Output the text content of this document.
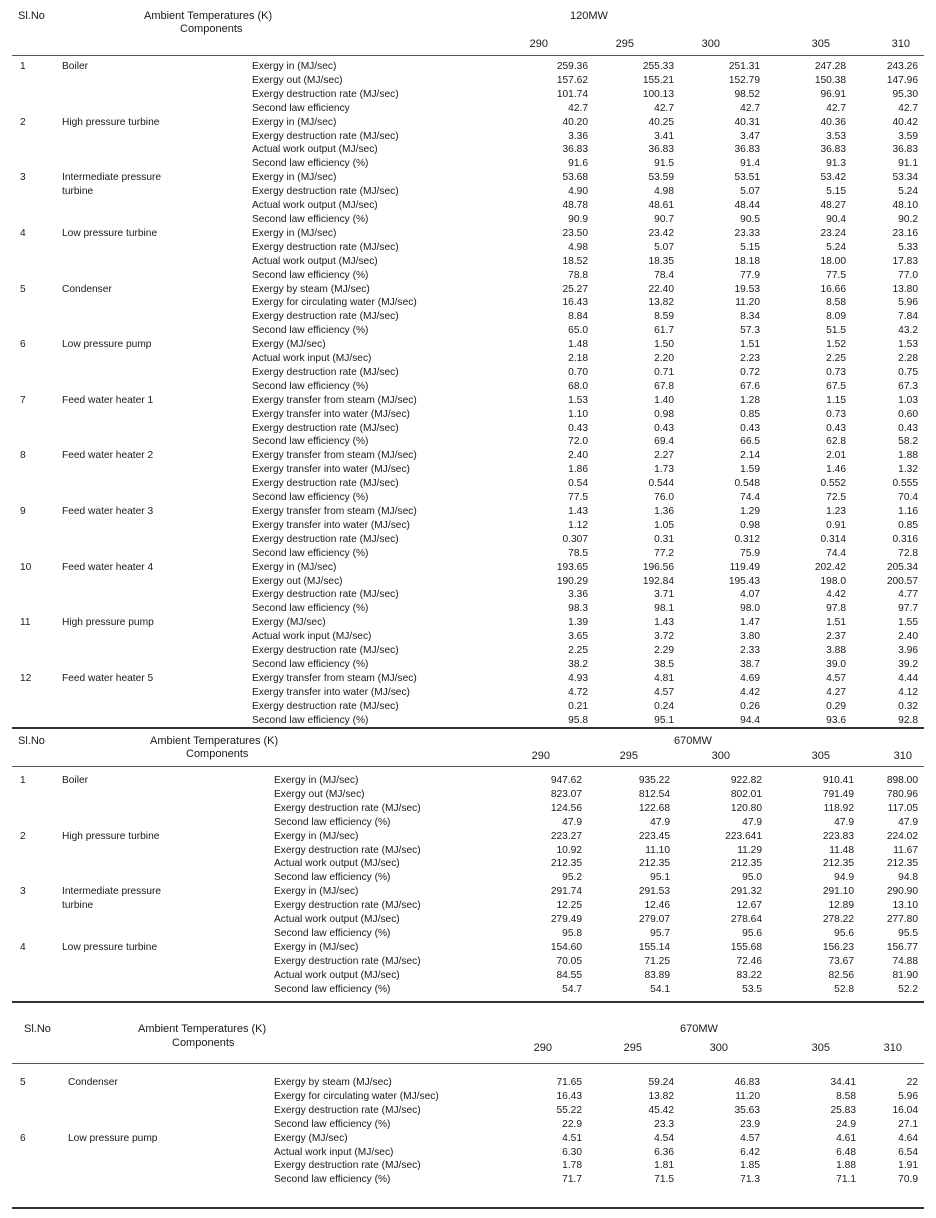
Sl.No	Ambient Temperatures (K)
Components
120MW
290	295	300	305	310
1	Boiler	Exergy in (MJ/sec)	259.36	255.33	251.31	247.28	243.26
		Exergy out (MJ/sec)	157.62	155.21	152.79	150.38	147.96
		Exergy destruction rate (MJ/sec)	101.74	100.13	98.52	96.91	95.30
		Second law efficiency	42.7	42.7	42.7	42.7	42.7
2	High pressure turbine	Exergy in (MJ/sec)	40.20	40.25	40.31	40.36	40.42
		Exergy destruction rate (MJ/sec)	3.36	3.41	3.47	3.53	3.59
		Actual work output (MJ/sec)	36.83	36.83	36.83	36.83	36.83
		Second law efficiency (%)	91.6	91.5	91.4	91.3	91.1
3	Intermediate pressure	Exergy in (MJ/sec)	53.68	53.59	53.51	53.42	53.34
	turbine	Exergy destruction rate (MJ/sec)	4.90	4.98	5.07	5.15	5.24
		Actual work output (MJ/sec)	48.78	48.61	48.44	48.27	48.10
		Second law efficiency (%)	90.9	90.7	90.5	90.4	90.2
4	Low pressure turbine	Exergy in (MJ/sec)	23.50	23.42	23.33	23.24	23.16
		Exergy destruction rate (MJ/sec)	4.98	5.07	5.15	5.24	5.33
		Actual work output (MJ/sec)	18.52	18.35	18.18	18.00	17.83
		Second law efficiency (%)	78.8	78.4	77.9	77.5	77.0
5	Condenser	Exergy by steam (MJ/sec)	25.27	22.40	19.53	16.66	13.80
		Exergy for circulating water (MJ/sec)	16.43	13.82	11.20	8.58	5.96
		Exergy destruction rate (MJ/sec)	8.84	8.59	8.34	8.09	7.84
		Second law efficiency (%)	65.0	61.7	57.3	51.5	43.2
6	Low pressure pump	Exergy (MJ/sec)	1.48	1.50	1.51	1.52	1.53
		Actual work input (MJ/sec)	2.18	2.20	2.23	2.25	2.28
		Exergy destruction rate (MJ/sec)	0.70	0.71	0.72	0.73	0.75
		Second law efficiency (%)	68.0	67.8	67.6	67.5	67.3
7	Feed water heater 1	Exergy transfer from steam (MJ/sec)	1.53	1.40	1.28	1.15	1.03
		Exergy transfer into water (MJ/sec)	1.10	0.98	0.85	0.73	0.60
		Exergy destruction rate (MJ/sec)	0.43	0.43	0.43	0.43	0.43
		Second law efficiency (%)	72.0	69.4	66.5	62.8	58.2
8	Feed water heater 2	Exergy transfer from steam (MJ/sec)	2.40	2.27	2.14	2.01	1.88
		Exergy transfer into water (MJ/sec)	1.86	1.73	1.59	1.46	1.32
		Exergy destruction rate (MJ/sec)	0.54	0.544	0.548	0.552	0.555
		Second law efficiency (%)	77.5	76.0	74.4	72.5	70.4
9	Feed water heater 3	Exergy transfer from steam (MJ/sec)	1.43	1.36	1.29	1.23	1.16
		Exergy transfer into water (MJ/sec)	1.12	1.05	0.98	0.91	0.85
		Exergy destruction rate (MJ/sec)	0.307	0.31	0.312	0.314	0.316
		Second law efficiency (%)	78.5	77.2	75.9	74.4	72.8
10	Feed water heater 4	Exergy in (MJ/sec)	193.65	196.56	119.49	202.42	205.34
		Exergy out (MJ/sec)	190.29	192.84	195.43	198.0	200.57
		Exergy destruction rate (MJ/sec)	3.36	3.71	4.07	4.42	4.77
		Second law efficiency (%)	98.3	98.1	98.0	97.8	97.7
11	High pressure pump	Exergy (MJ/sec)	1.39	1.43	1.47	1.51	1.55
		Actual work input (MJ/sec)	3.65	3.72	3.80	2.37	2.40
		Exergy destruction rate (MJ/sec)	2.25	2.29	2.33	3.88	3.96
		Second law efficiency (%)	38.2	38.5	38.7	39.0	39.2
12	Feed water heater 5	Exergy transfer from steam (MJ/sec)	4.93	4.81	4.69	4.57	4.44
		Exergy transfer into water (MJ/sec)	4.72	4.57	4.42	4.27	4.12
		Exergy destruction rate (MJ/sec)	0.21	0.24	0.26	0.29	0.32
		Second law efficiency (%)	95.8	95.1	94.4	93.6	92.8
Sl.No	Ambient Temperatures (K)
Components
670MW
290	295	300	305	310
1	Boiler	Exergy in (MJ/sec)	947.62	935.22	922.82	910.41	898.00
		Exergy out (MJ/sec)	823.07	812.54	802.01	791.49	780.96
		Exergy destruction rate (MJ/sec)	124.56	122.68	120.80	118.92	117.05
		Second law efficiency (%)	47.9	47.9	47.9	47.9	47.9
2	High pressure turbine	Exergy in (MJ/sec)	223.27	223.45	223.641	223.83	224.02
		Exergy destruction rate (MJ/sec)	10.92	11.10	11.29	11.48	11.67
		Actual work output (MJ/sec)	212.35	212.35	212.35	212.35	212.35
		Second law efficiency (%)	95.2	95.1	95.0	94.9	94.8
3	Intermediate pressure	Exergy in (MJ/sec)	291.74	291.53	291.32	291.10	290.90
	turbine	Exergy destruction rate (MJ/sec)	12.25	12.46	12.67	12.89	13.10
		Actual work output (MJ/sec)	279.49	279.07	278.64	278.22	277.80
		Second law efficiency (%)	95.8	95.7	95.6	95.6	95.5
4	Low pressure turbine	Exergy in (MJ/sec)	154.60	155.14	155.68	156.23	156.77
		Exergy destruction rate (MJ/sec)	70.05	71.25	72.46	73.67	74.88
		Actual work output (MJ/sec)	84.55	83.89	83.22	82.56	81.90
		Second law efficiency (%)	54.7	54.1	53.5	52.8	52.2
Sl.No	Ambient Temperatures (K)
Components
670MW
290	295	300	305	310
5	Condenser	Exergy by steam (MJ/sec)	71.65	59.24	46.83	34.41	22
		Exergy for circulating water (MJ/sec)	16.43	13.82	11.20	8.58	5.96
		Exergy destruction rate (MJ/sec)	55.22	45.42	35.63	25.83	16.04
		Second law efficiency (%)	22.9	23.3	23.9	24.9	27.1
6	Low pressure pump	Exergy (MJ/sec)	4.51	4.54	4.57	4.61	4.64
		Actual work input (MJ/sec)	6.30	6.36	6.42	6.48	6.54
		Exergy destruction rate (MJ/sec)	1.78	1.81	1.85	1.88	1.91
		Second law efficiency (%)	71.7	71.5	71.3	71.1	70.9
